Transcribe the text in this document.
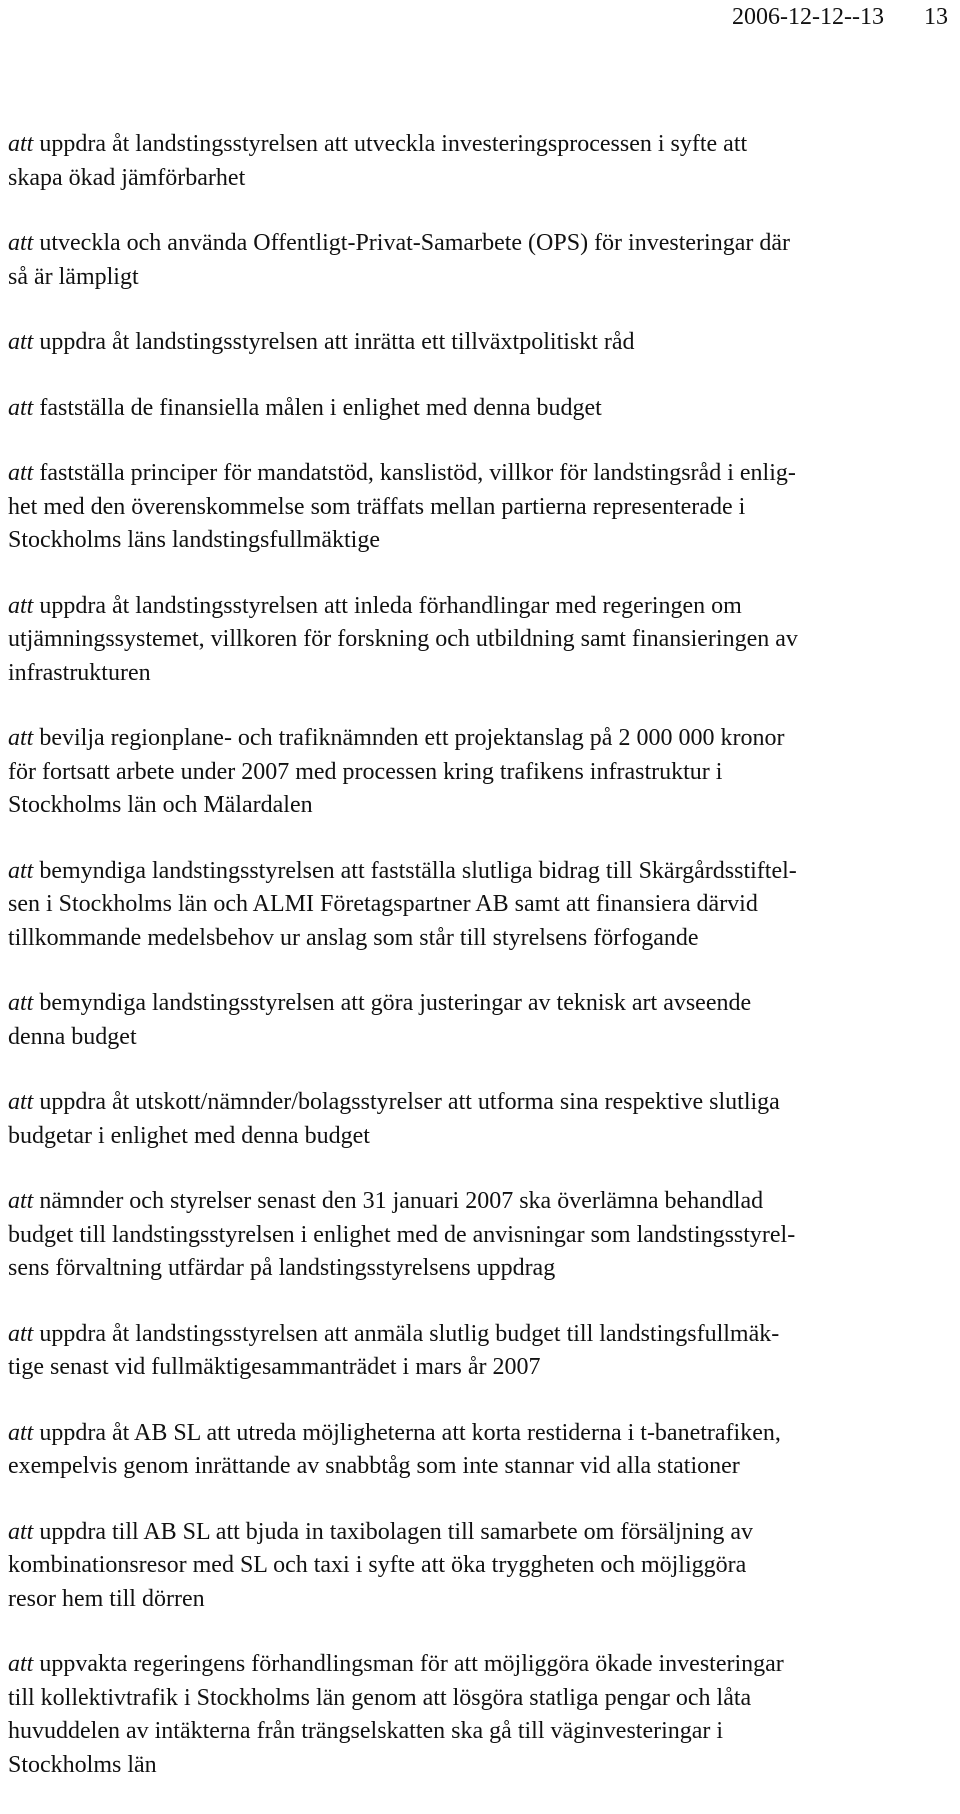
2006-12-12--13 13

att uppdra åt landstingsstyrelsen att utveckla investeringsprocessen i syfte att
skapa ökad jämförbarhet

att utveckla och använda Offentligt-Privat-Samarbete (OPS) för investeringar där
så är lämpligt

att uppdra åt landstingsstyrelsen att inrätta ett tillväxtpolitiskt råd

att fastställa de finansiella målen i enlighet med denna budget

att fastställa principer för mandatstöd, kanslistöd, villkor för landstingsråd i enlig-
het med den överenskommelse som träffats mellan partierna representerade i
Stockholms läns landstingsfullmäktige

att uppdra åt landstingsstyrelsen att inleda förhandlingar med regeringen om
utjämningssystemet, villkoren för forskning och utbildning samt finansieringen av
infrastrukturen

att bevilja regionplane- och trafiknämnden ett projektanslag på 2 000 000 kronor
för fortsatt arbete under 2007 med processen kring trafikens infrastruktur i
Stockholms län och Mälardalen

att bemyndiga landstingsstyrelsen att fastställa slutliga bidrag till Skärgårdsstiftel-
sen i Stockholms län och ALMI Företagspartner AB samt att finansiera därvid
tillkommande medelsbehov ur anslag som står till styrelsens förfogande

att bemyndiga landstingsstyrelsen att göra justeringar av teknisk art avseende
denna budget

att uppdra åt utskott/nämnder/bolagsstyrelser att utforma sina respektive slutliga
budgetar i enlighet med denna budget

att nämnder och styrelser senast den 31 januari 2007 ska överlämna behandlad
budget till landstingsstyrelsen i enlighet med de anvisningar som landstingsstyrel-
sens förvaltning utfärdar på landstingsstyrelsens uppdrag

att uppdra åt landstingsstyrelsen att anmäla slutlig budget till landstingsfullmäk-
tige senast vid fullmäktigesammanträdet i mars år 2007

att uppdra åt AB SL att utreda möjligheterna att korta restiderna i t-banetrafiken,
exempelvis genom inrättande av snabbtåg som inte stannar vid alla stationer

att uppdra till AB SL att bjuda in taxibolagen till samarbete om försäljning av
kombinationsresor med SL och taxi i syfte att öka tryggheten och möjliggöra
resor hem till dörren

att uppvakta regeringens förhandlingsman för att möjliggöra ökade investeringar
till kollektivtrafik i Stockholms län genom att lösgöra statliga pengar och låta
huvuddelen av intäkterna från trängselskatten ska gå till väginvesteringar i
Stockholms län
